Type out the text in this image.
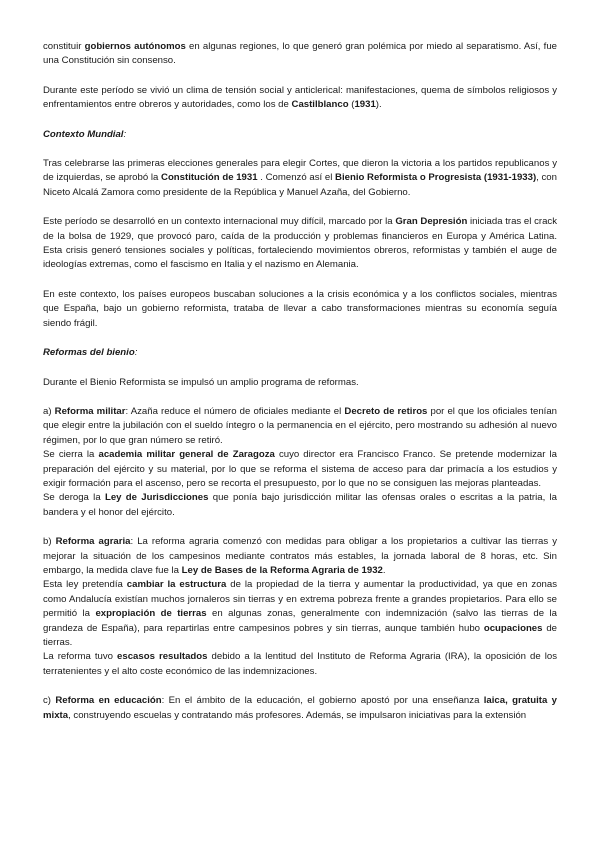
constituir gobiernos autónomos en algunas regiones, lo que generó gran polémica por miedo al separatismo. Así, fue una Constitución sin consenso.

Durante este período se vivió un clima de tensión social y anticlerical: manifestaciones, quema de símbolos religiosos y enfrentamientos entre obreros y autoridades, como los de Castilblanco (1931).

Contexto Mundial:

Tras celebrarse las primeras elecciones generales para elegir Cortes, que dieron la victoria a los partidos republicanos y de izquierdas, se aprobó la Constitución de 1931 . Comenzó así el Bienio Reformista o Progresista (1931-1933), con Niceto Alcalá Zamora como presidente de la República y Manuel Azaña, del Gobierno.

Este período se desarrolló en un contexto internacional muy difícil, marcado por la Gran Depresión iniciada tras el crack de la bolsa de 1929, que provocó paro, caída de la producción y problemas financieros en Europa y América Latina. Esta crisis generó tensiones sociales y políticas, fortaleciendo movimientos obreros, reformistas y también el auge de ideologías extremas, como el fascismo en Italia y el nazismo en Alemania.

En este contexto, los países europeos buscaban soluciones a la crisis económica y a los conflictos sociales, mientras que España, bajo un gobierno reformista, trataba de llevar a cabo transformaciones mientras su economía seguía siendo frágil.

Reformas del bienio:

Durante el Bienio Reformista se impulsó un amplio programa de reformas.

a) Reforma militar: Azaña reduce el número de oficiales mediante el Decreto de retiros por el que los oficiales tenían que elegir entre la jubilación con el sueldo íntegro o la permanencia en el ejército, pero mostrando su adhesión al nuevo régimen, por lo que gran número se retiró.

Se cierra la academia militar general de Zaragoza cuyo director era Francisco Franco. Se pretende modernizar la preparación del ejército y su material, por lo que se reforma el sistema de acceso para dar primacía a los estudios y exigir formación para el ascenso, pero se recorta el presupuesto, por lo que no se consiguen las mejoras planteadas.

Se deroga la Ley de Jurisdicciones que ponía bajo jurisdicción militar las ofensas orales o escritas a la patria, la bandera y el honor del ejército.

b) Reforma agraria: La reforma agraria comenzó con medidas para obligar a los propietarios a cultivar las tierras y mejorar la situación de los campesinos mediante contratos más estables, la jornada laboral de 8 horas, etc. Sin embargo, la medida clave fue la Ley de Bases de la Reforma Agraria de 1932.

Esta ley pretendía cambiar la estructura de la propiedad de la tierra y aumentar la productividad, ya que en zonas como Andalucía existían muchos jornaleros sin tierras y en extrema pobreza frente a grandes propietarios. Para ello se permitió la expropiación de tierras en algunas zonas, generalmente con indemnización (salvo las tierras de la grandeza de España), para repartirlas entre campesinos pobres y sin tierras, aunque también hubo ocupaciones de tierras.

La reforma tuvo escasos resultados debido a la lentitud del Instituto de Reforma Agraria (IRA), la oposición de los terratenientes y el alto coste económico de las indemnizaciones.

c) Reforma en educación: En el ámbito de la educación, el gobierno apostó por una enseñanza laica, gratuita y mixta, construyendo escuelas y contratando más profesores. Además, se impulsaron iniciativas para la extensión
